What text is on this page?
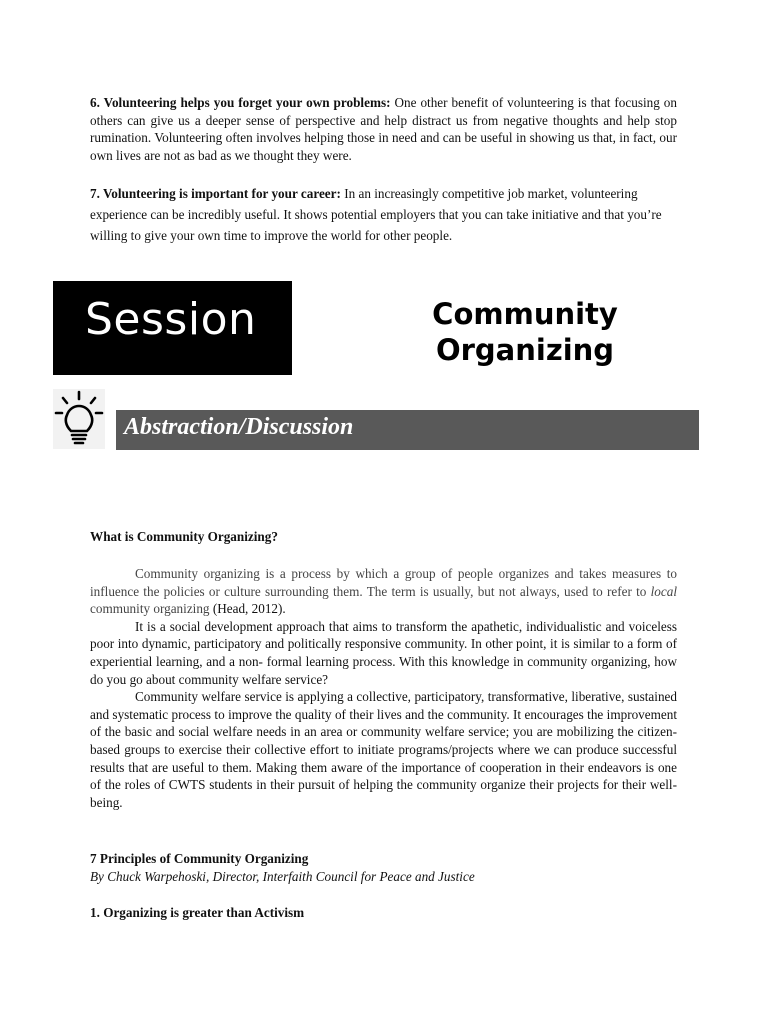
6. Volunteering helps you forget your own problems: One other benefit of volunteering is that focusing on others can give us a deeper sense of perspective and help distract us from negative thoughts and help stop rumination. Volunteering often involves helping those in need and can be useful in showing us that, in fact, our own lives are not as bad as we thought they were.

7. Volunteering is important for your career: In an increasingly competitive job market, volunteering experience can be incredibly useful. It shows potential employers that you can take initiative and that you’re willing to give your own time to improve the world for other people.

Session	Community Organizing
Abstraction/Discussion

What is Community Organizing?

Community organizing is a process by which a group of people organizes and takes measures to influence the policies or culture surrounding them. The term is usually, but not always, used to refer to local community organizing (Head, 2012).

It is a social development approach that aims to transform the apathetic, individualistic and voiceless poor into dynamic, participatory and politically responsive community. In other point, it is similar to a form of experiential learning, and a non- formal learning process. With this knowledge in community organizing, how do you go about community welfare service?

Community welfare service is applying a collective, participatory, transformative, liberative, sustained and systematic process to improve the quality of their lives and the community. It encourages the improvement of the basic and social welfare needs in an area or community welfare service; you are mobilizing the citizen-based groups to exercise their collective effort to initiate programs/projects where we can produce successful results that are useful to them. Making them aware of the importance of cooperation in their endeavors is one of the roles of CWTS students in their pursuit of helping the community organize their projects for their well- being.

7 Principles of Community Organizing

By Chuck Warpehoski, Director, Interfaith Council for Peace and Justice

1. Organizing is greater than Activism
